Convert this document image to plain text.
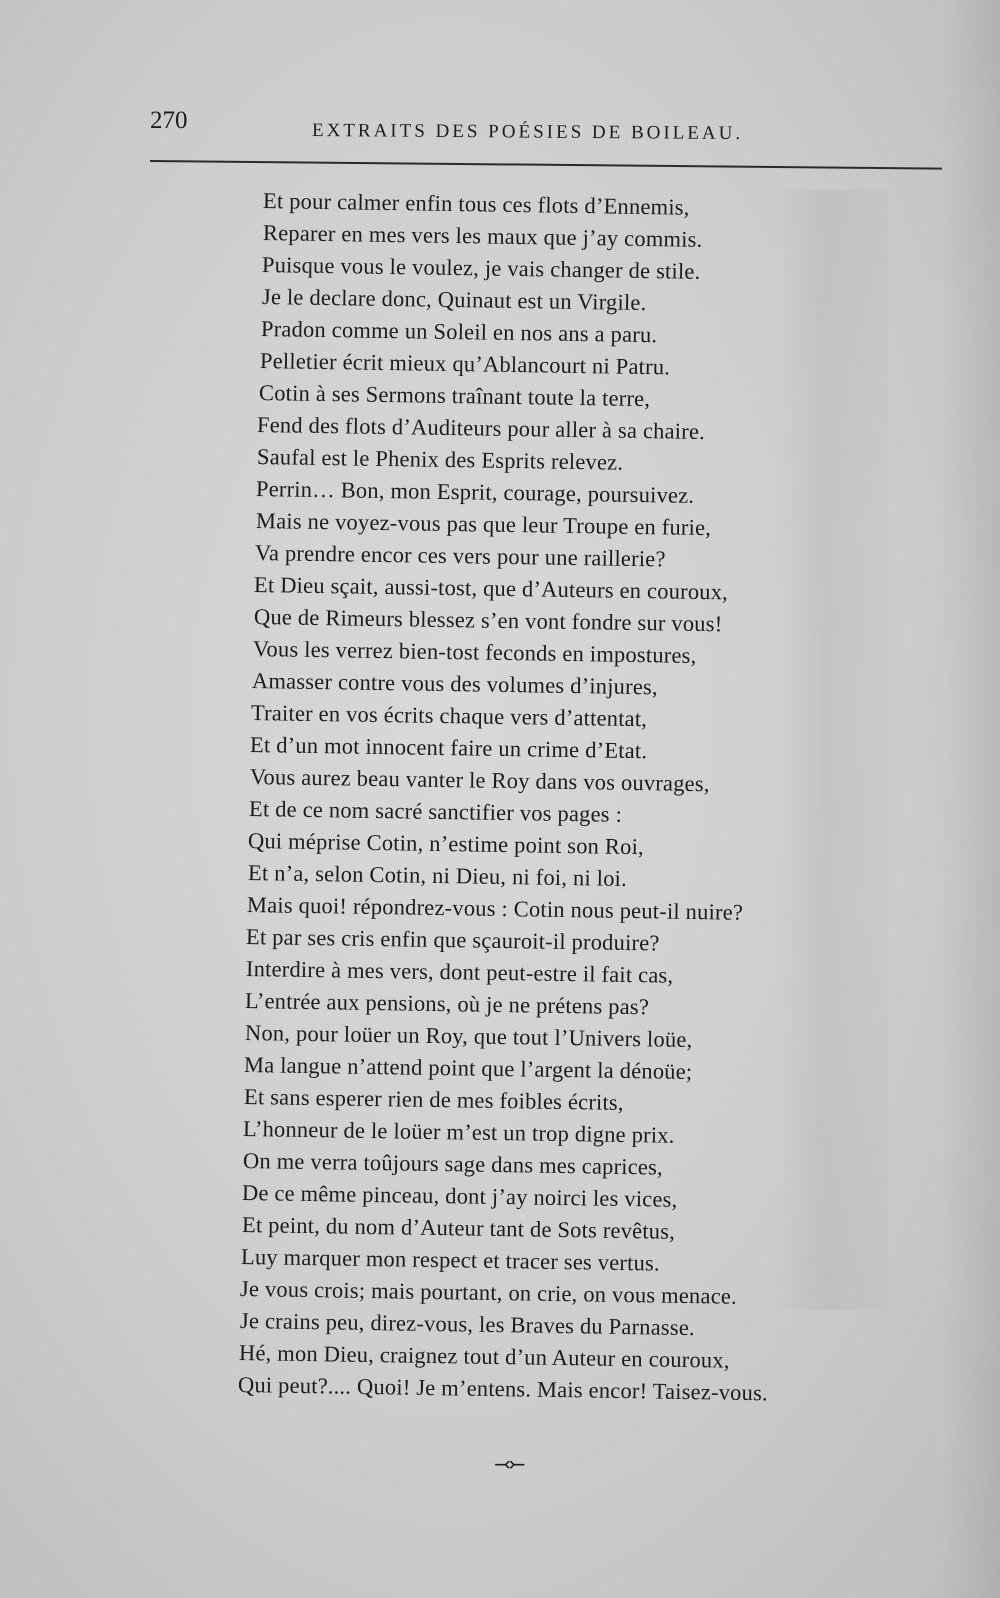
270	EXTRAITS DES POÉSIES DE BOILEAU.
Et pour calmer enfin tous ces flots d’Ennemis,
Reparer en mes vers les maux que j’ay commis.
Puisque vous le voulez, je vais changer de stile.
Je le declare donc, Quinaut est un Virgile.
Pradon comme un Soleil en nos ans a paru.
Pelletier écrit mieux qu’Ablancourt ni Patru.
Cotin à ses Sermons traînant toute la terre,
Fend des flots d’Auditeurs pour aller à sa chaire.
Saufal est le Phenix des Esprits relevez.
Perrin… Bon, mon Esprit, courage, poursuivez.
Mais ne voyez-vous pas que leur Troupe en furie,
Va prendre encor ces vers pour une raillerie?
Et Dieu sçait, aussi-tost, que d’Auteurs en couroux,
Que de Rimeurs blessez s’en vont fondre sur vous!
Vous les verrez bien-tost feconds en impostures,
Amasser contre vous des volumes d’injures,
Traiter en vos écrits chaque vers d’attentat,
Et d’un mot innocent faire un crime d’Etat.
Vous aurez beau vanter le Roy dans vos ouvrages,
Et de ce nom sacré sanctifier vos pages :
Qui méprise Cotin, n’estime point son Roi,
Et n’a, selon Cotin, ni Dieu, ni foi, ni loi.
Mais quoi! répondrez-vous : Cotin nous peut-il nuire?
Et par ses cris enfin que sçauroit-il produire?
Interdire à mes vers, dont peut-estre il fait cas,
L’entrée aux pensions, où je ne prétens pas?
Non, pour loüer un Roy, que tout l’Univers loüe,
Ma langue n’attend point que l’argent la dénoüe;
Et sans esperer rien de mes foibles écrits,
L’honneur de le loüer m’est un trop digne prix.
On me verra toûjours sage dans mes caprices,
De ce même pinceau, dont j’ay noirci les vices,
Et peint, du nom d’Auteur tant de Sots revêtus,
Luy marquer mon respect et tracer ses vertus.
Je vous crois; mais pourtant, on crie, on vous menace.
Je crains peu, direz-vous, les Braves du Parnasse.
Hé, mon Dieu, craignez tout d’un Auteur en couroux,
Qui peut?.... Quoi! Je m’entens. Mais encor! Taisez-vous.
⤙⤚
